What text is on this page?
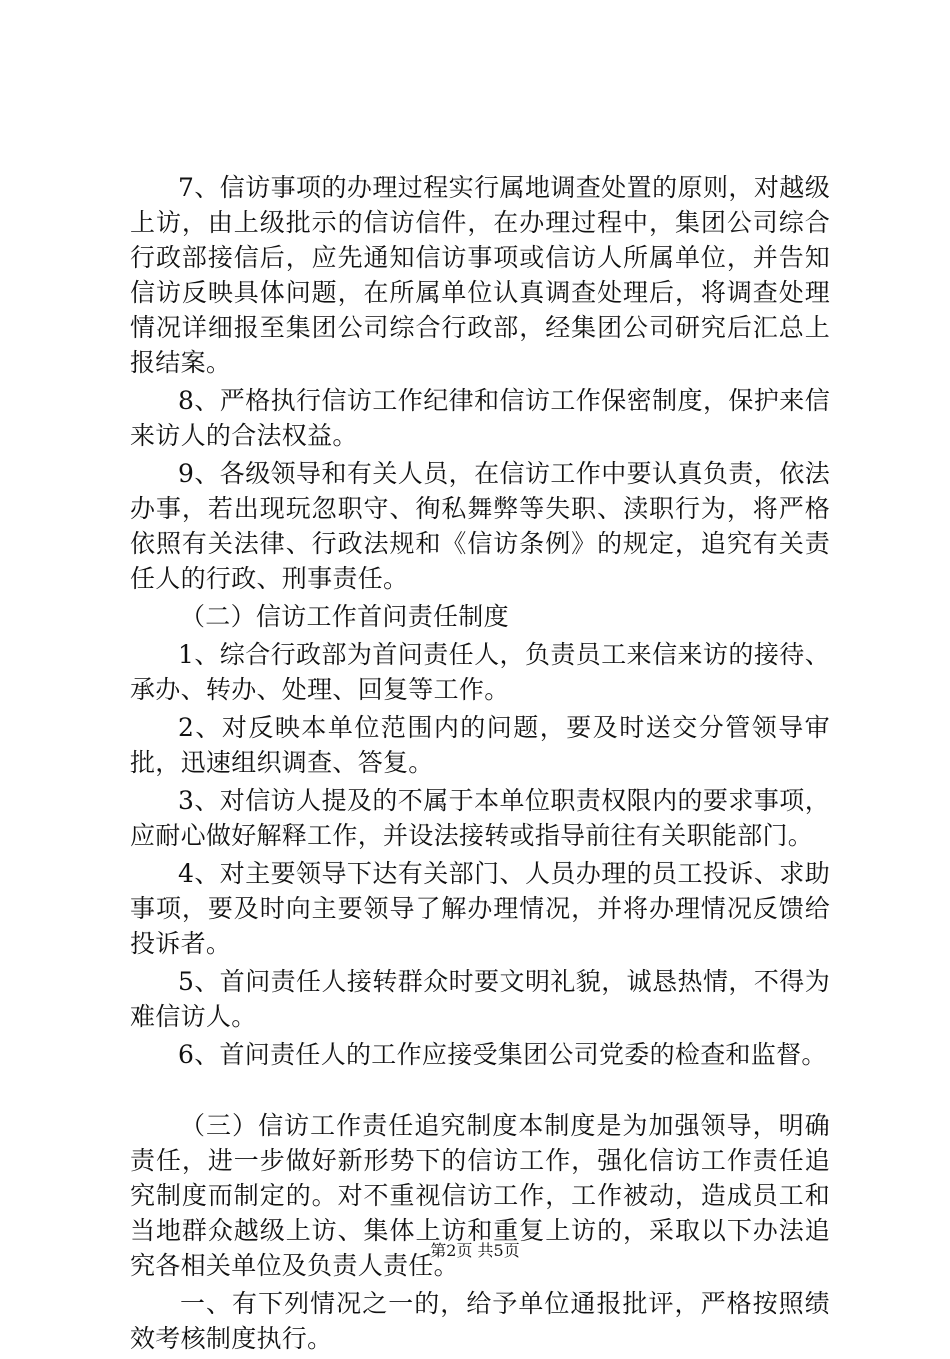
7、信访事项的办理过程实行属地调查处置的原则，对越级上访，由上级批示的信访信件，在办理过程中，集团公司综合行政部接信后，应先通知信访事项或信访人所属单位，并告知信访反映具体问题，在所属单位认真调查处理后，将调查处理情况详细报至集团公司综合行政部，经集团公司研究后汇总上报结案。

8、严格执行信访工作纪律和信访工作保密制度，保护来信来访人的合法权益。

9、各级领导和有关人员，在信访工作中要认真负责，依法办事，若出现玩忽职守、徇私舞弊等失职、渎职行为，将严格依照有关法律、行政法规和《信访条例》的规定，追究有关责任人的行政、刑事责任。

（二）信访工作首问责任制度

1、综合行政部为首问责任人，负责员工来信来访的接待、承办、转办、处理、回复等工作。

2、对反映本单位范围内的问题，要及时送交分管领导审批，迅速组织调查、答复。

3、对信访人提及的不属于本单位职责权限内的要求事项，应耐心做好解释工作，并设法接转或指导前往有关职能部门。

4、对主要领导下达有关部门、人员办理的员工投诉、求助事项，要及时向主要领导了解办理情况，并将办理情况反馈给投诉者。

5、首问责任人接转群众时要文明礼貌，诚恳热情，不得为难信访人。

6、首问责任人的工作应接受集团公司党委的检查和监督。

（三）信访工作责任追究制度本制度是为加强领导，明确责任，进一步做好新形势下的信访工作，强化信访工作责任追究制度而制定的。对不重视信访工作，工作被动，造成员工和当地群众越级上访、集体上访和重复上访的，采取以下办法追究各相关单位及负责人责任。

一、有下列情况之一的，给予单位通报批评，严格按照绩效考核制度执行。

第2页 共5页
